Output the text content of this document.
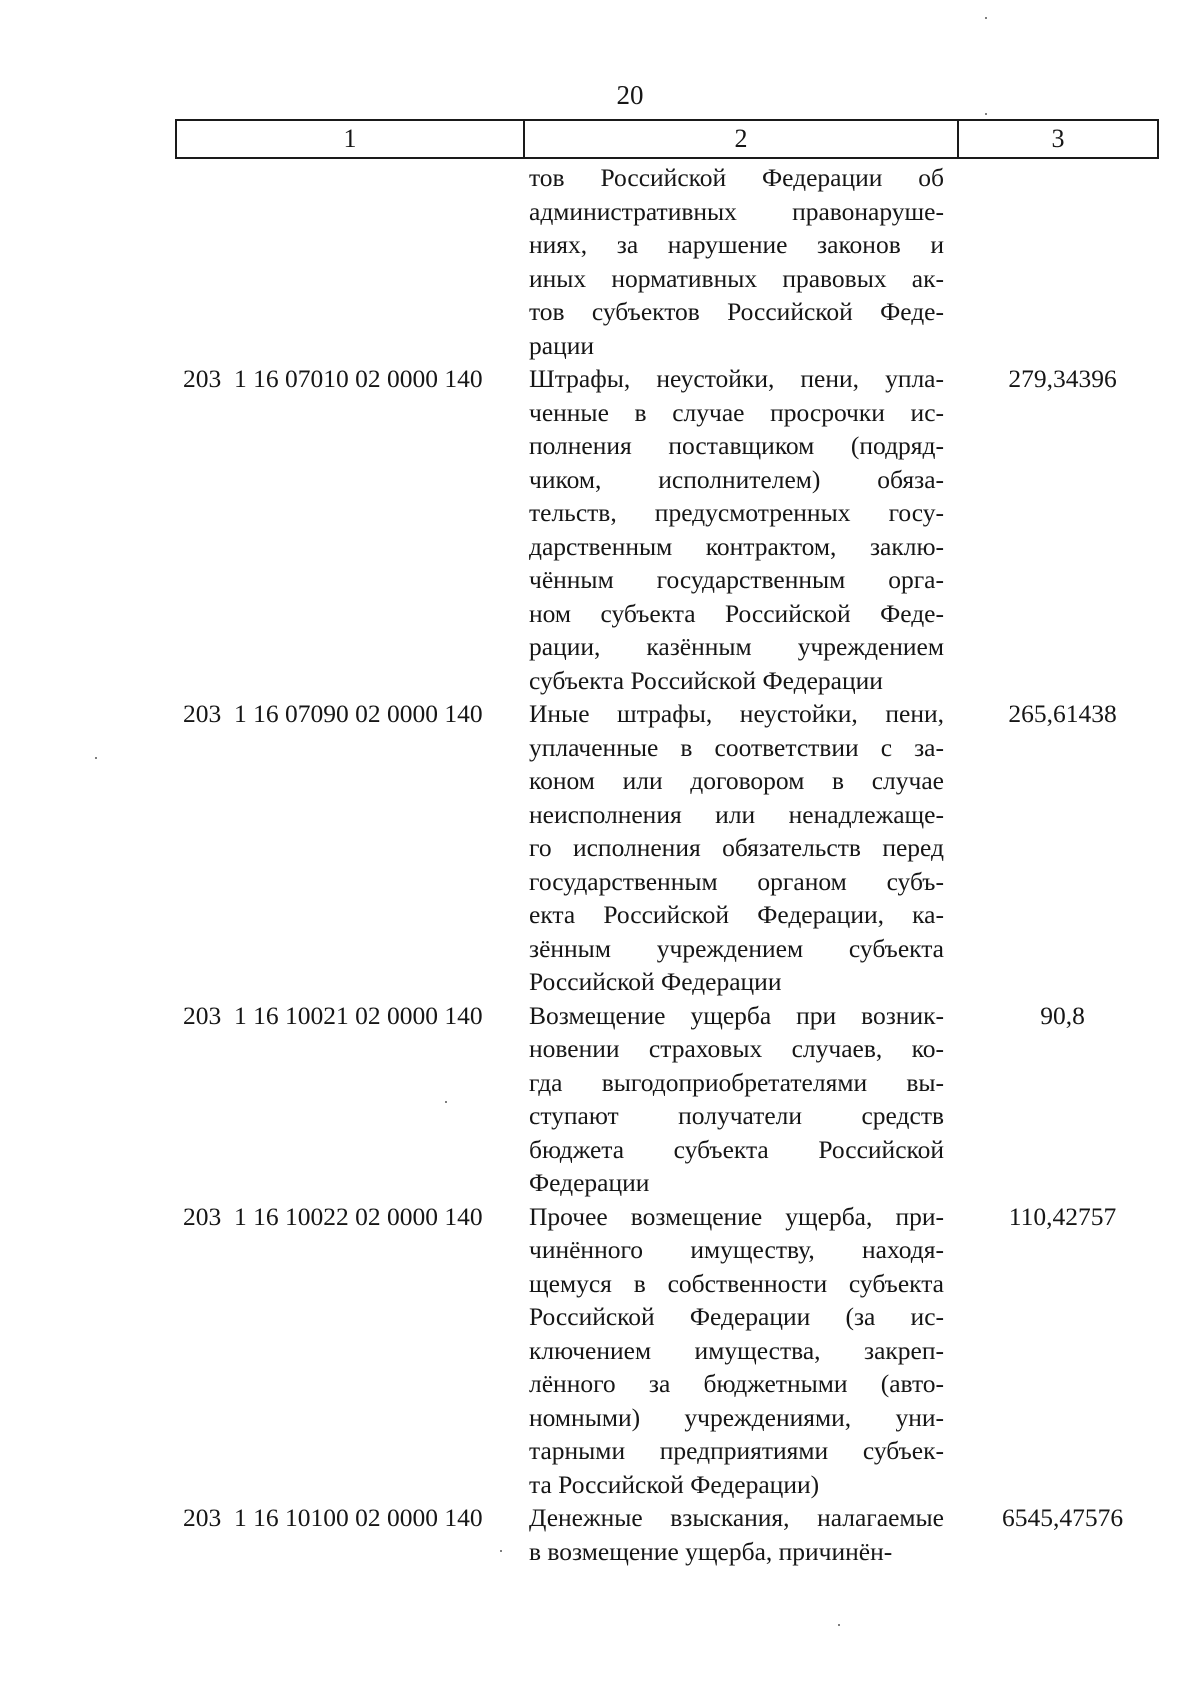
20
1	2	3
тов Российской Федерации об
административных правонаруше-
ниях, за нарушение законов и
иных нормативных правовых ак-
тов субъектов Российской Феде-
рации
203  1 16 07010 02 0000 140	Штрафы, неустойки, пени, упла-
ченные в случае просрочки ис-
полнения поставщиком (подряд-
чиком, исполнителем) обяза-
тельств, предусмотренных госу-
дарственным контрактом, заклю-
чённым государственным орга-
ном субъекта Российской Феде-
рации, казённым учреждением
субъекта Российской Федерации
279,34396
203  1 16 07090 02 0000 140	Иные штрафы, неустойки, пени,
уплаченные в соответствии с за-
коном или договором в случае
неисполнения или ненадлежаще-
го исполнения обязательств перед
государственным органом субъ-
екта Российской Федерации, ка-
зённым учреждением субъекта
Российской Федерации
265,61438
203  1 16 10021 02 0000 140	Возмещение ущерба при возник-
новении страховых случаев, ко-
гда выгодоприобретателями вы-
ступают получатели средств
бюджета субъекта Российской
Федерации
90,8
203  1 16 10022 02 0000 140	Прочее возмещение ущерба, при-
чинённого имуществу, находя-
щемуся в собственности субъекта
Российской Федерации (за ис-
ключением имущества, закреп-
лённого за бюджетными (авто-
номными) учреждениями, уни-
тарными предприятиями субъек-
та Российской Федерации)
110,42757
203  1 16 10100 02 0000 140	Денежные взыскания, налагаемые
в возмещение ущерба, причинён-
6545,47576
